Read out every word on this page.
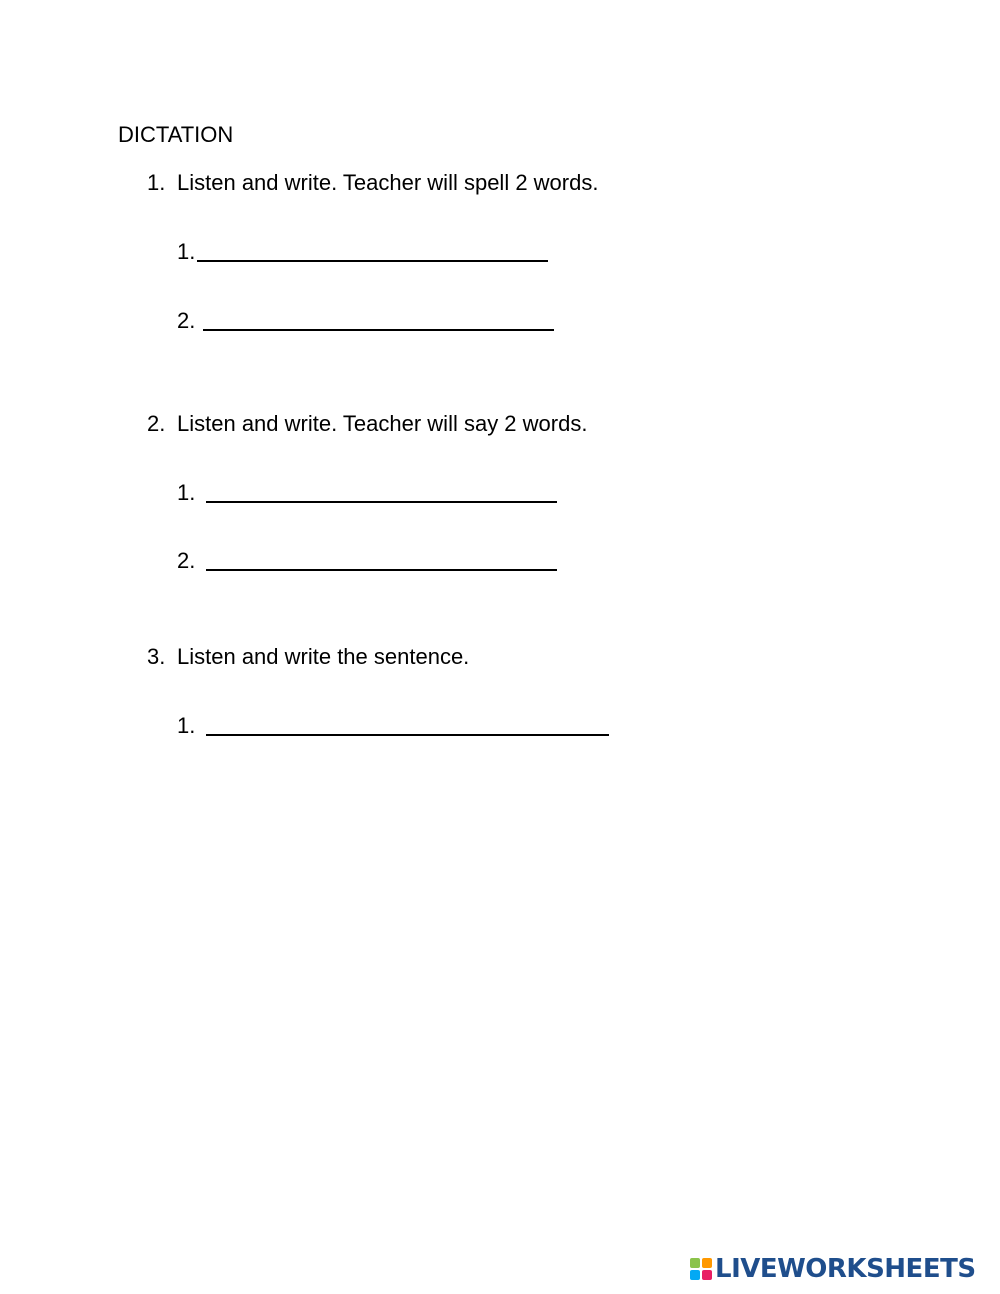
DICTATION
1. Listen and write. Teacher will spell 2 words.
1.
2.
2. Listen and write. Teacher will say 2 words.
1.
2.
3. Listen and write the sentence.
1.
LIVEWORKSHEETS
